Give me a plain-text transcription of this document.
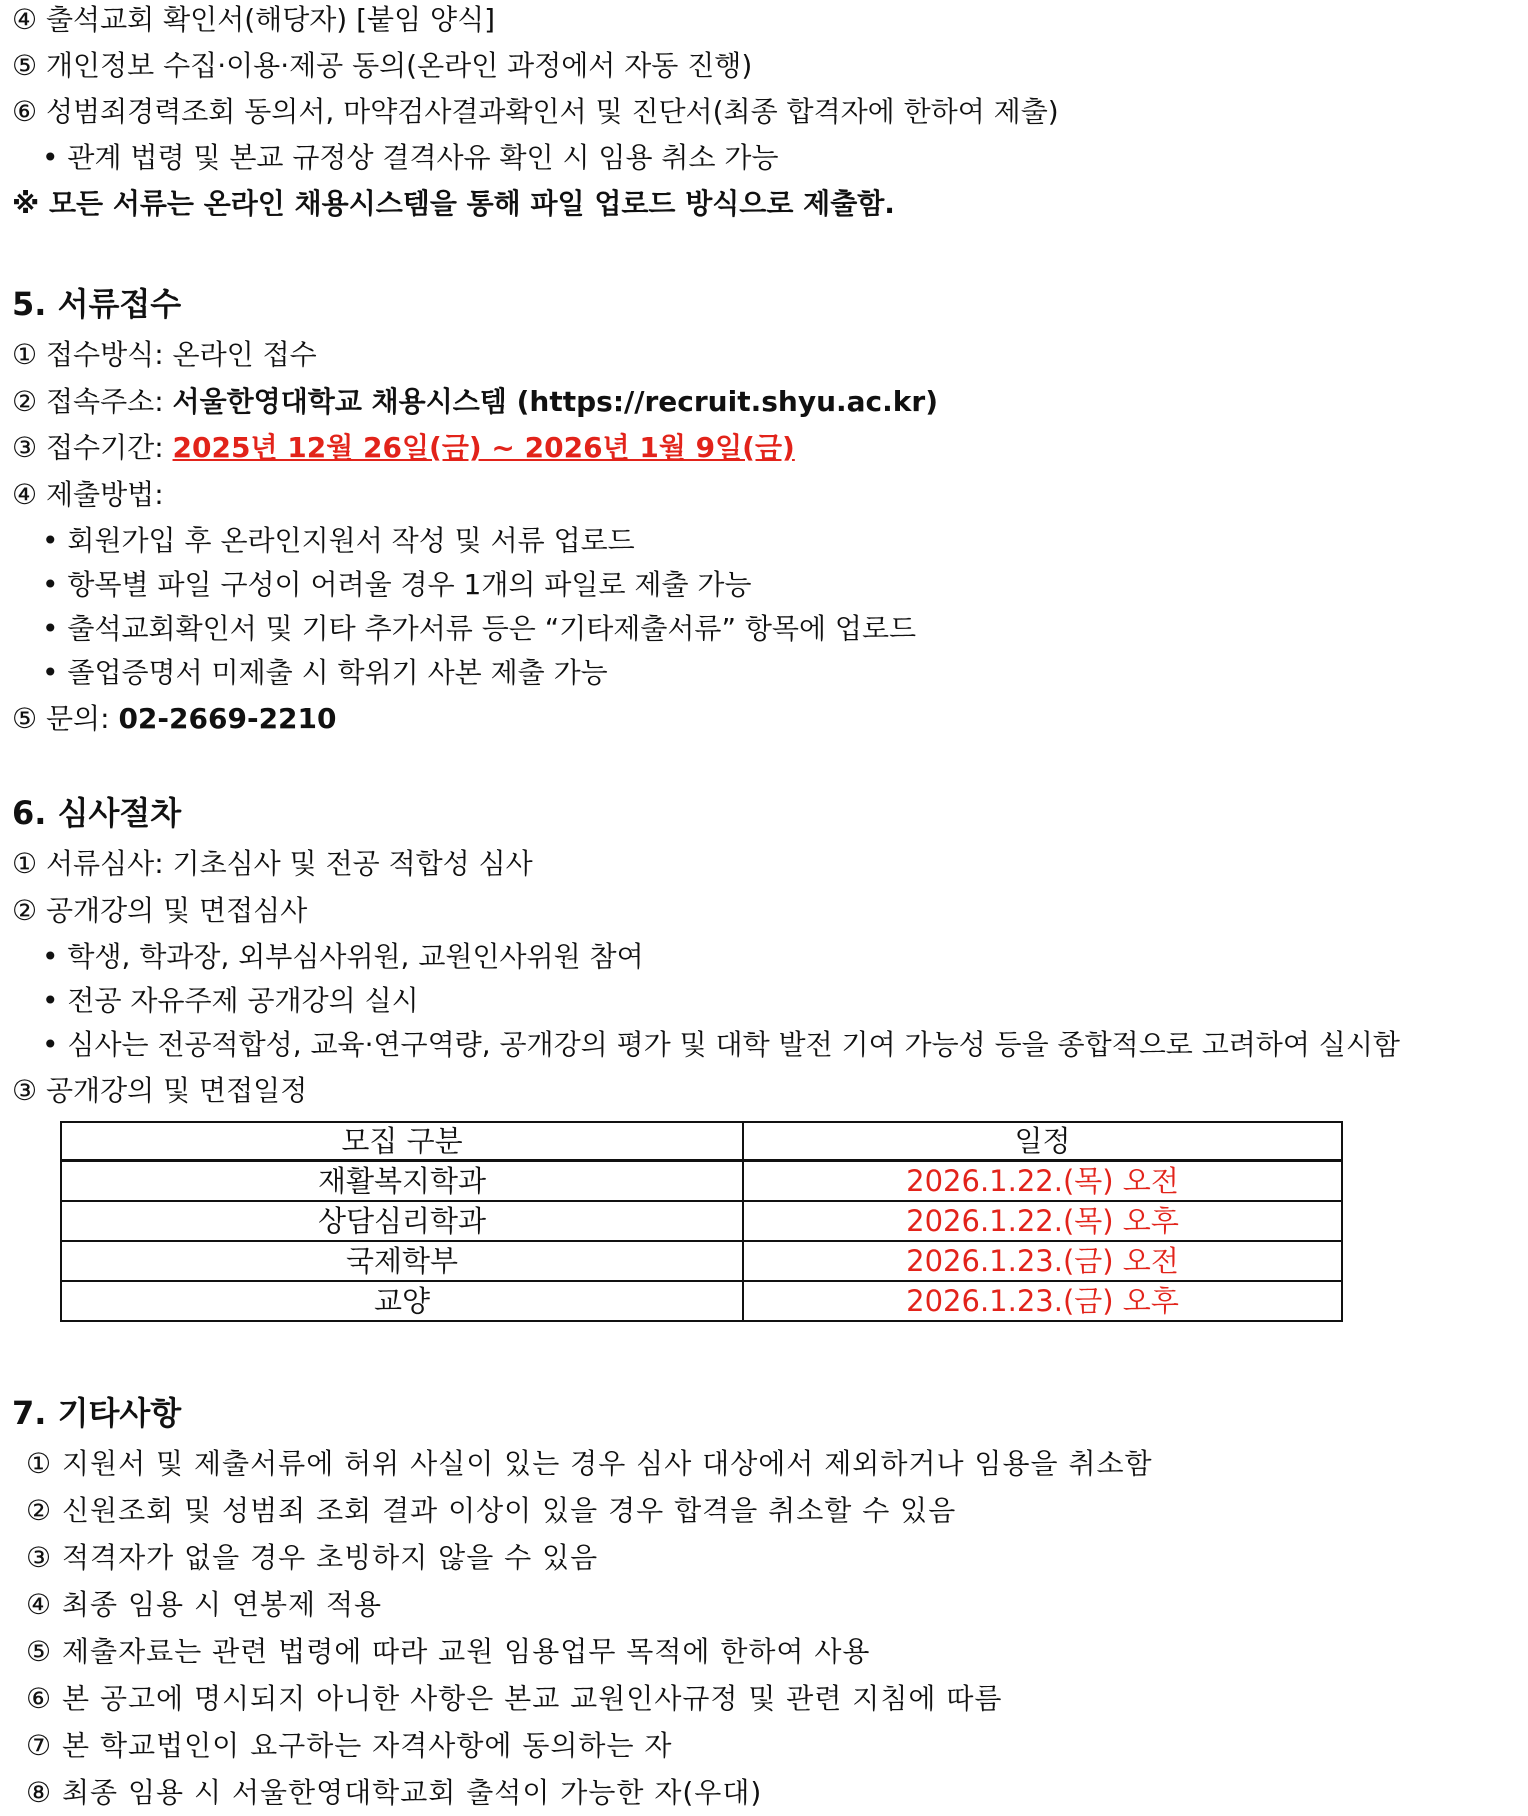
④ 출석교회 확인서(해당자) [붙임 양식]
⑤ 개인정보 수집·이용·제공 동의(온라인 과정에서 자동 진행)
⑥ 성범죄경력조회 동의서, 마약검사결과확인서 및 진단서(최종 합격자에 한하여 제출)
• 관계 법령 및 본교 규정상 결격사유 확인 시 임용 취소 가능
※ 모든 서류는 온라인 채용시스템을 통해 파일 업로드 방식으로 제출함.
5. 서류접수
① 접수방식: 온라인 접수
② 접속주소: 서울한영대학교 채용시스템 (https://recruit.shyu.ac.kr)
③ 접수기간: 2025년 12월 26일(금) ~ 2026년 1월 9일(금)
④ 제출방법:
• 회원가입 후 온라인지원서 작성 및 서류 업로드
• 항목별 파일 구성이 어려울 경우 1개의 파일로 제출 가능
• 출석교회확인서 및 기타 추가서류 등은 “기타제출서류” 항목에 업로드
• 졸업증명서 미제출 시 학위기 사본 제출 가능
⑤ 문의: 02-2669-2210
6. 심사절차
① 서류심사: 기초심사 및 전공 적합성 심사
② 공개강의 및 면접심사
• 학생, 학과장, 외부심사위원, 교원인사위원 참여
• 전공 자유주제 공개강의 실시
• 심사는 전공적합성, 교육·연구역량, 공개강의 평가 및 대학 발전 기여 가능성 등을 종합적으로 고려하여 실시함
③ 공개강의 및 면접일정
모집 구분	일정
재활복지학과	2026.1.22.(목) 오전
상담심리학과	2026.1.22.(목) 오후
국제학부	2026.1.23.(금) 오전
교양	2026.1.23.(금) 오후
7. 기타사항
① 지원서 및 제출서류에 허위 사실이 있는 경우 심사 대상에서 제외하거나 임용을 취소함
② 신원조회 및 성범죄 조회 결과 이상이 있을 경우 합격을 취소할 수 있음
③ 적격자가 없을 경우 초빙하지 않을 수 있음
④ 최종 임용 시 연봉제 적용
⑤ 제출자료는 관련 법령에 따라 교원 임용업무 목적에 한하여 사용
⑥ 본 공고에 명시되지 아니한 사항은 본교 교원인사규정 및 관련 지침에 따름
⑦ 본 학교법인이 요구하는 자격사항에 동의하는 자
⑧ 최종 임용 시 서울한영대학교회 출석이 가능한 자(우대)
